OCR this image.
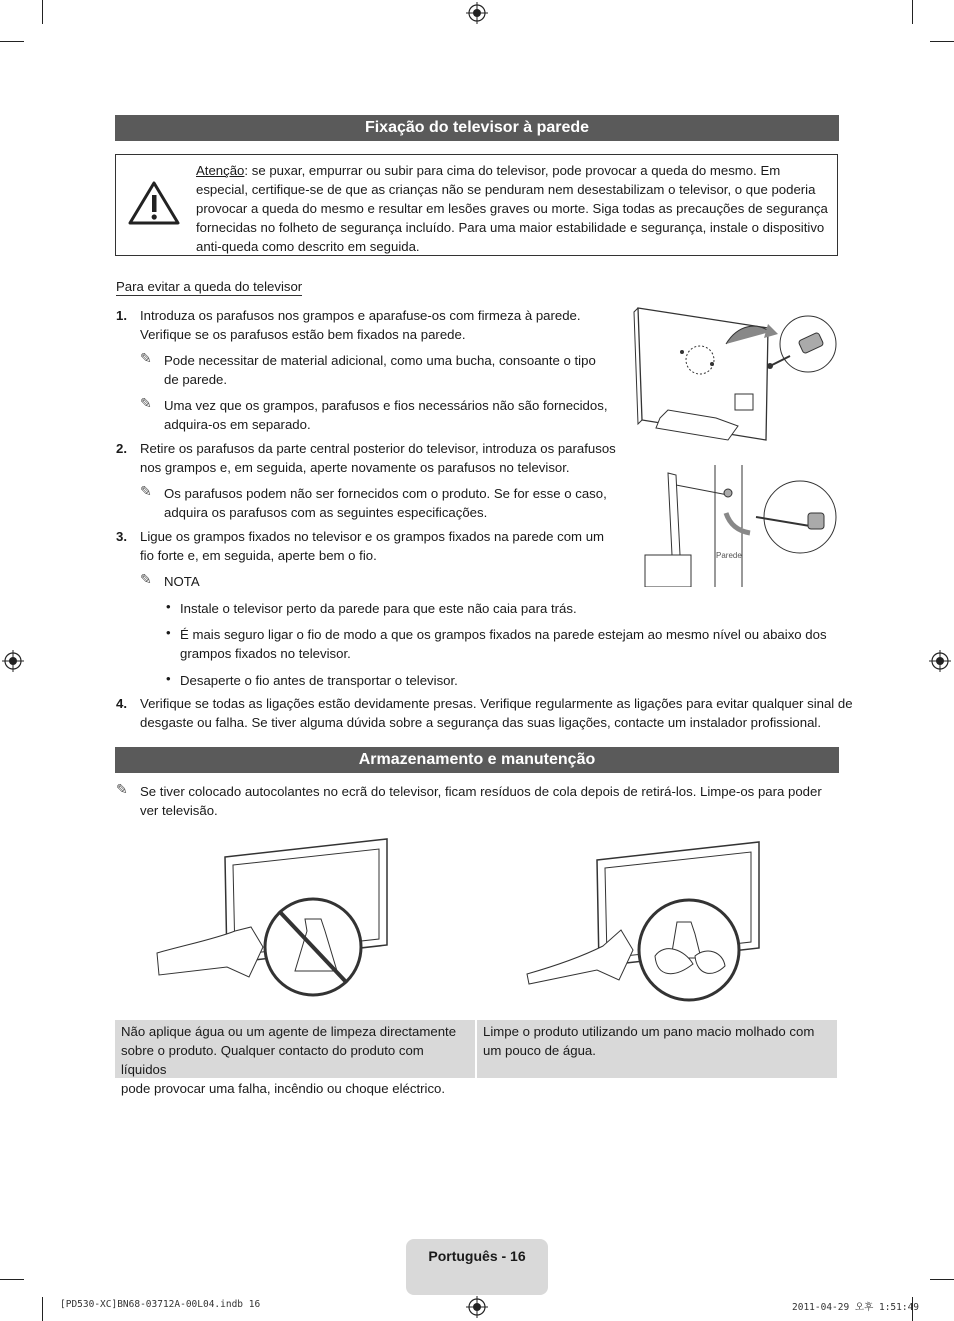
Fixação do televisor à parede
Atenção: se puxar, empurrar ou subir para cima do televisor, pode provocar a queda do mesmo. Em especial, certifique-se de que as crianças não se penduram nem desestabilizam o televisor, o que poderia provocar a queda do mesmo e resultar em lesões graves ou morte. Siga todas as precauções de segurança fornecidas no folheto de segurança incluído. Para uma maior estabilidade e segurança, instale o dispositivo anti-queda como descrito em seguida.
Para evitar a queda do televisor
1. Introduza os parafusos nos grampos e aparafuse-os com firmeza à parede.
Verifique se os parafusos estão bem fixados na parede.
✎ Pode necessitar de material adicional, como uma bucha, consoante o tipo
de parede.
✎ Uma vez que os grampos, parafusos e fios necessários não são fornecidos,
adquira-os em separado.
2. Retire os parafusos da parte central posterior do televisor, introduza os parafusos
nos grampos e, em seguida, aperte novamente os parafusos no televisor.
✎ Os parafusos podem não ser fornecidos com o produto. Se for esse o caso,
adquira os parafusos com as seguintes especificações.
3. Ligue os grampos fixados no televisor e os grampos fixados na parede com um
fio forte e, em seguida, aperte bem o fio.
✎ NOTA
• Instale o televisor perto da parede para que este não caia para trás.
• É mais seguro ligar o fio de modo a que os grampos fixados na parede estejam ao mesmo nível ou abaixo dos
grampos fixados no televisor.
• Desaperte o fio antes de transportar o televisor.
4. Verifique se todas as ligações estão devidamente presas. Verifique regularmente as ligações para evitar qualquer sinal de
desgaste ou falha. Se tiver alguma dúvida sobre a segurança das suas ligações, contacte um instalador profissional.
Parede
Armazenamento e manutenção
✎ Se tiver colocado autocolantes no ecrã do televisor, ficam resíduos de cola depois de retirá-los. Limpe-os para poder
ver televisão.
Não aplique água ou um agente de limpeza directamente
sobre o produto. Qualquer contacto do produto com líquidos
pode provocar uma falha, incêndio ou choque eléctrico.
Limpe o produto utilizando um pano macio molhado com
um pouco de água.
Português - 16
[PD530-XC]BN68-03712A-00L04.indb 16	2011-04-29 오후 1:51:49
